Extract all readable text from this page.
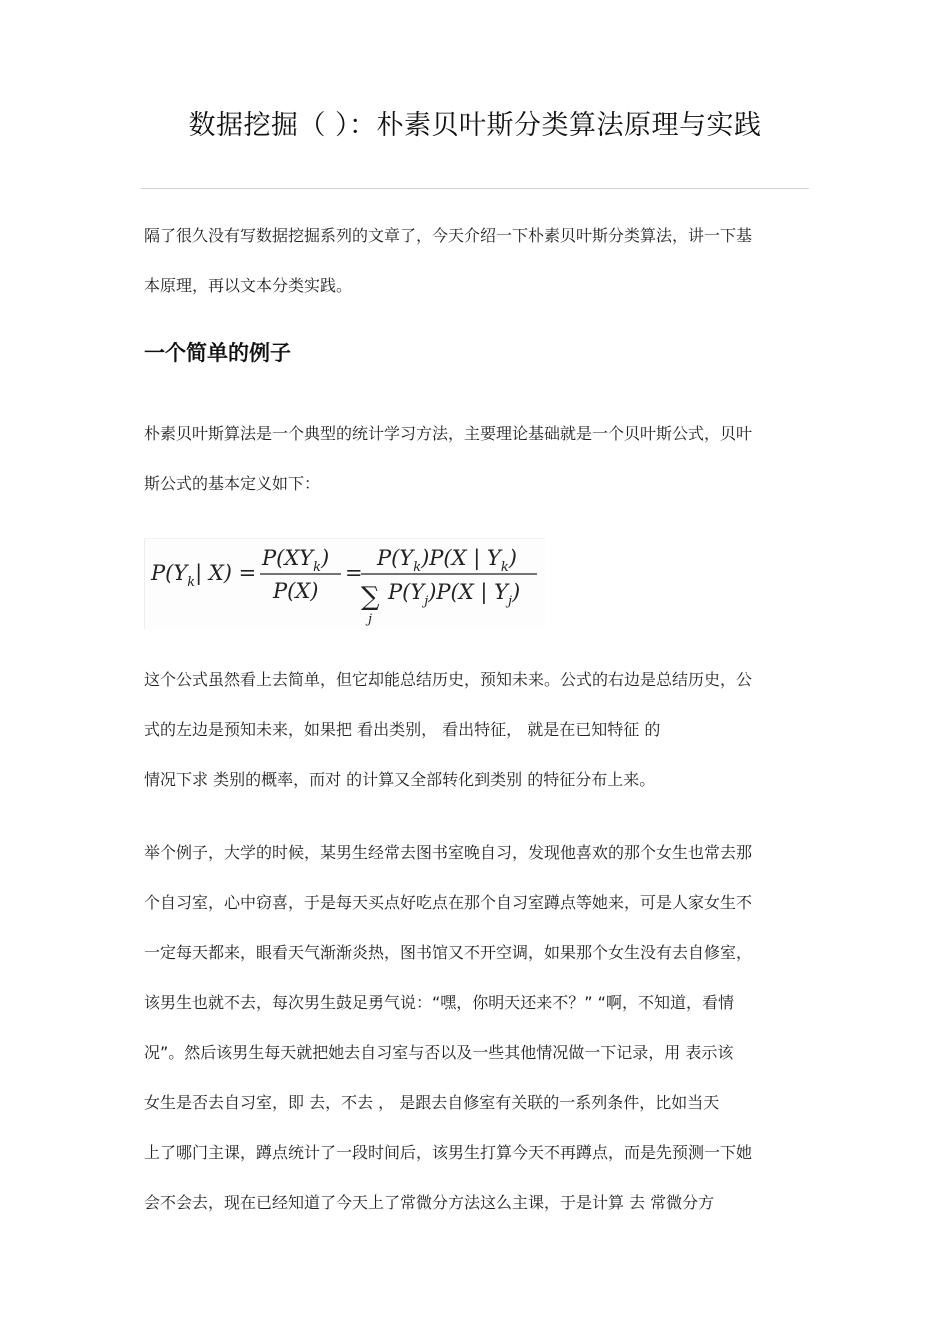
数据挖掘（ ）：朴素贝叶斯分类算法原理与实践

隔了很久没有写数据挖掘系列的文章了，今天介绍一下朴素贝叶斯分类算法，讲一下基
本原理，再以文本分类实践。

一个简单的例子

朴素贝叶斯算法是一个典型的统计学习方法，主要理论基础就是一个贝叶斯公式，贝叶
斯公式的基本定义如下：

$P(Y_k|$ X) =
$P(XY_k)$
P(X)
=
$P(Y_k)P(X$ | $Y_k$)
∑
j
$P(Y_j)P(X$ | $Y_j$)

这个公式虽然看上去简单，但它却能总结历史，预知未来。公式的右边是总结历史，公
式的左边是预知未来，如果把 看出类别， 看出特征， 就是在已知特征 的
情况下求 类别的概率，而对 的计算又全部转化到类别 的特征分布上来。

举个例子，大学的时候，某男生经常去图书室晚自习，发现他喜欢的那个女生也常去那
个自习室，心中窃喜，于是每天买点好吃点在那个自习室蹲点等她来，可是人家女生不
一定每天都来，眼看天气渐渐炎热，图书馆又不开空调，如果那个女生没有去自修室，
该男生也就不去，每次男生鼓足勇气说：“嘿，你明天还来不？” “啊，不知道，看情
况”。然后该男生每天就把她去自习室与否以及一些其他情况做一下记录，用 表示该
女生是否去自习室，即 去，不去 ， 是跟去自修室有关联的一系列条件，比如当天
上了哪门主课，蹲点统计了一段时间后，该男生打算今天不再蹲点，而是先预测一下她
会不会去，现在已经知道了今天上了常微分方法这么主课，于是计算 去 常微分方
